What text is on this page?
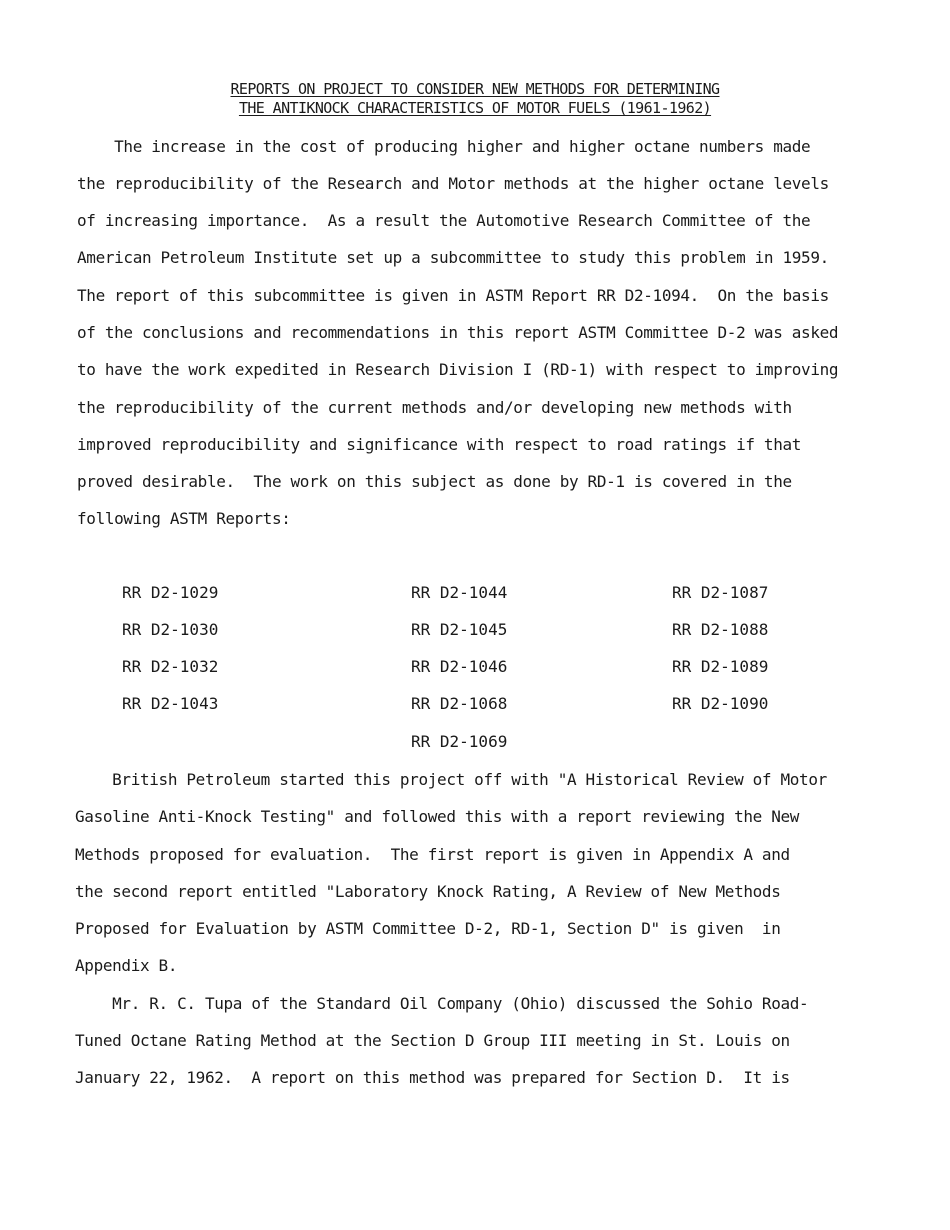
REPORTS ON PROJECT TO CONSIDER NEW METHODS FOR DETERMINING
THE ANTIKNOCK CHARACTERISTICS OF MOTOR FUELS (1961-1962)
The increase in the cost of producing higher and higher octane numbers made
the reproducibility of the Research and Motor methods at the higher octane levels
of increasing importance.  As a result the Automotive Research Committee of the
American Petroleum Institute set up a subcommittee to study this problem in 1959.
The report of this subcommittee is given in ASTM Report RR D2-1094.  On the basis
of the conclusions and recommendations in this report ASTM Committee D-2 was asked
to have the work expedited in Research Division I (RD-1) with respect to improving
the reproducibility of the current methods and/or developing new methods with
improved reproducibility and significance with respect to road ratings if that
proved desirable.  The work on this subject as done by RD-1 is covered in the
following ASTM Reports:
RR D2-1029
RR D2-1030
RR D2-1032
RR D2-1043
RR D2-1044
RR D2-1045
RR D2-1046
RR D2-1068
RR D2-1069
RR D2-1087
RR D2-1088
RR D2-1089
RR D2-1090
British Petroleum started this project off with "A Historical Review of Motor
Gasoline Anti-Knock Testing" and followed this with a report reviewing the New
Methods proposed for evaluation.  The first report is given in Appendix A and
the second report entitled "Laboratory Knock Rating, A Review of New Methods
Proposed for Evaluation by ASTM Committee D-2, RD-1, Section D" is given  in
Appendix B.
Mr. R. C. Tupa of the Standard Oil Company (Ohio) discussed the Sohio Road-
Tuned Octane Rating Method at the Section D Group III meeting in St. Louis on
January 22, 1962.  A report on this method was prepared for Section D.  It is
